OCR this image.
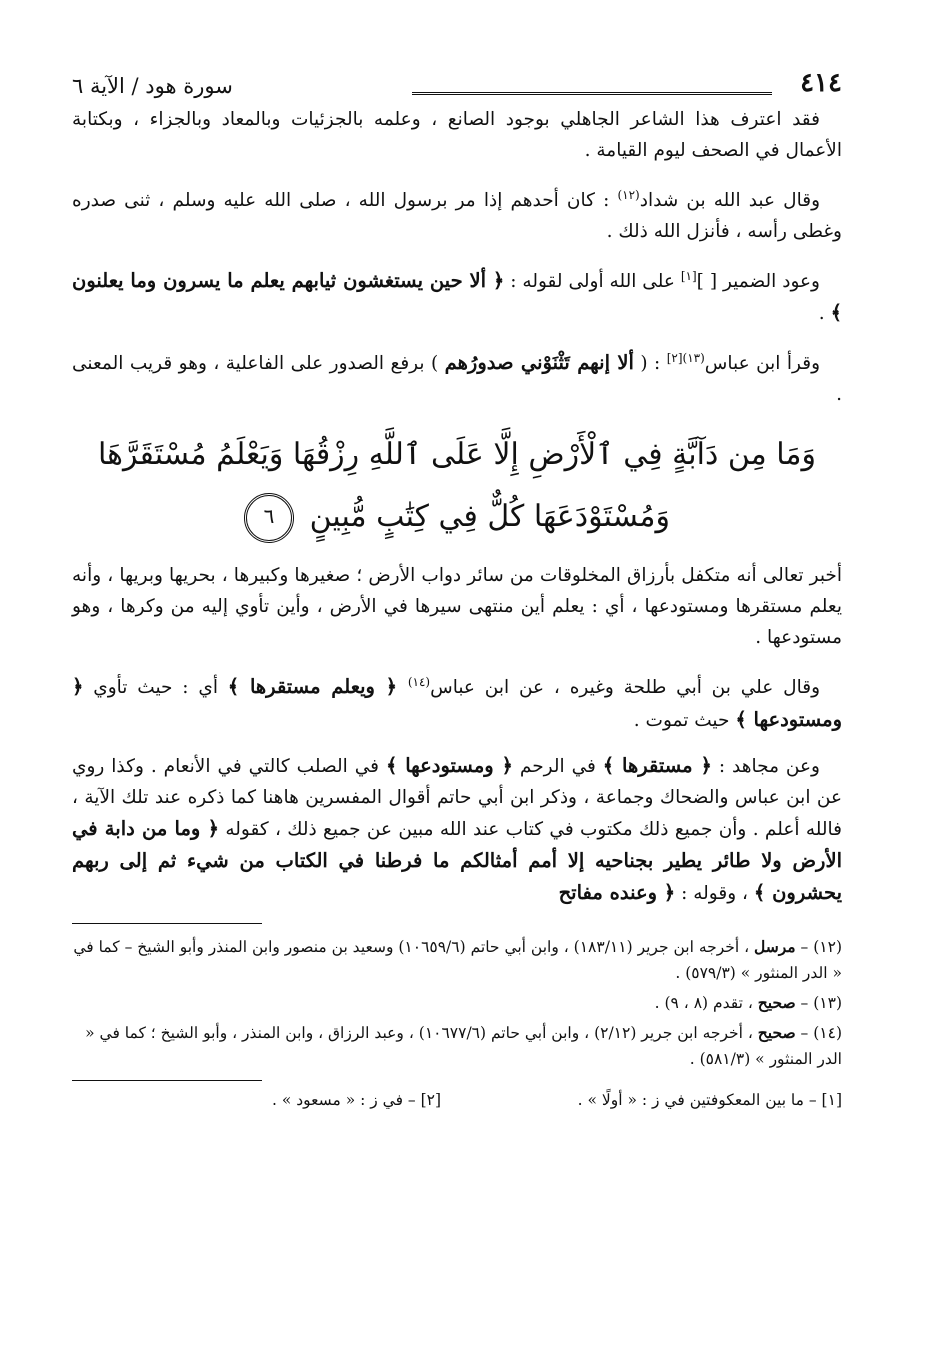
٤١٤
سورة هود / الآية ٦

فقد اعترف هذا الشاعر الجاهلي بوجود الصانع ، وعلمه بالجزئيات وبالمعاد وبالجزاء ، وبكتابة الأعمال في الصحف ليوم القيامة .

وقال عبد الله بن شداد$^{(١٢)}$ : كان أحدهم إذا مر برسول الله ، صلى الله عليه وسلم ، ثنى صدره وغطى رأسه ، فأنزل الله ذلك .

وعود الضمير [ ][١] على الله أولى لقوله : ﴿ ألا حين يستغشون ثيابهم يعلم ما يسرون وما يعلنون ﴾ .

وقرأ ابن عباس$^{(١٣)[٢]}$ : ( ألا إنهم تَثْنَوْني صدورُهم ) برفع الصدور على الفاعلية ، وهو قريب المعنى .

وَمَا مِن دَآبَّةٍ فِي ٱلْأَرْضِ إِلَّا عَلَى ٱللَّهِ رِزْقُهَا وَيَعْلَمُ مُسْتَقَرَّهَا وَمُسْتَوْدَعَهَا كُلٌّ فِي كِتَٰبٍ مُّبِينٍ ٦

أخبر تعالى أنه متكفل بأرزاق المخلوقات من سائر دواب الأرض ؛ صغيرها وكبيرها ، بحريها وبريها ، وأنه يعلم مستقرها ومستودعها ، أي : يعلم أين منتهى سيرها في الأرض ، وأين تأوي إليه من وكرها ، وهو مستودعها .

وقال علي بن أبي طلحة وغيره ، عن ابن عباس$^{(١٤)}$ ﴿ ويعلم مستقرها ﴾ أي : حيث تأوي ﴿ ومستودعها ﴾ حيث تموت .

وعن مجاهد : ﴿ مستقرها ﴾ في الرحم ﴿ ومستودعها ﴾ في الصلب كالتي في الأنعام . وكذا روي عن ابن عباس والضحاك وجماعة ، وذكر ابن أبي حاتم أقوال المفسرين هاهنا كما ذكره عند تلك الآية ، فالله أعلم . وأن جميع ذلك مكتوب في كتاب عند الله مبين عن جميع ذلك ، كقوله ﴿ وما من دابة في الأرض ولا طائر يطير بجناحيه إلا أمم أمثالكم ما فرطنا في الكتاب من شيء ثم إلى ربهم يحشرون ﴾ ، وقوله : ﴿ وعنده مفاتح

(١٢) – مرسل ، أخرجه ابن جرير (١٨٣/١١) ، وابن أبي حاتم (١٠٦٥٩/٦) وسعيد بن منصور وابن المنذر وأبو الشيخ – كما في « الدر المنثور » (٥٧٩/٣) .

(١٣) – صحيح ، تقدم (٨ ، ٩) .

(١٤) – صحيح ، أخرجه ابن جرير (٢/١٢) ، وابن أبي حاتم (١٠٦٧٧/٦) ، وعبد الرزاق ، وابن المنذر ، وأبو الشيخ ؛ كما في « الدر المنثور » (٥٨١/٣) .

[١] – ما بين المعكوفتين في ز : « أولًا » .
[٢] – في ز : « مسعود » .
